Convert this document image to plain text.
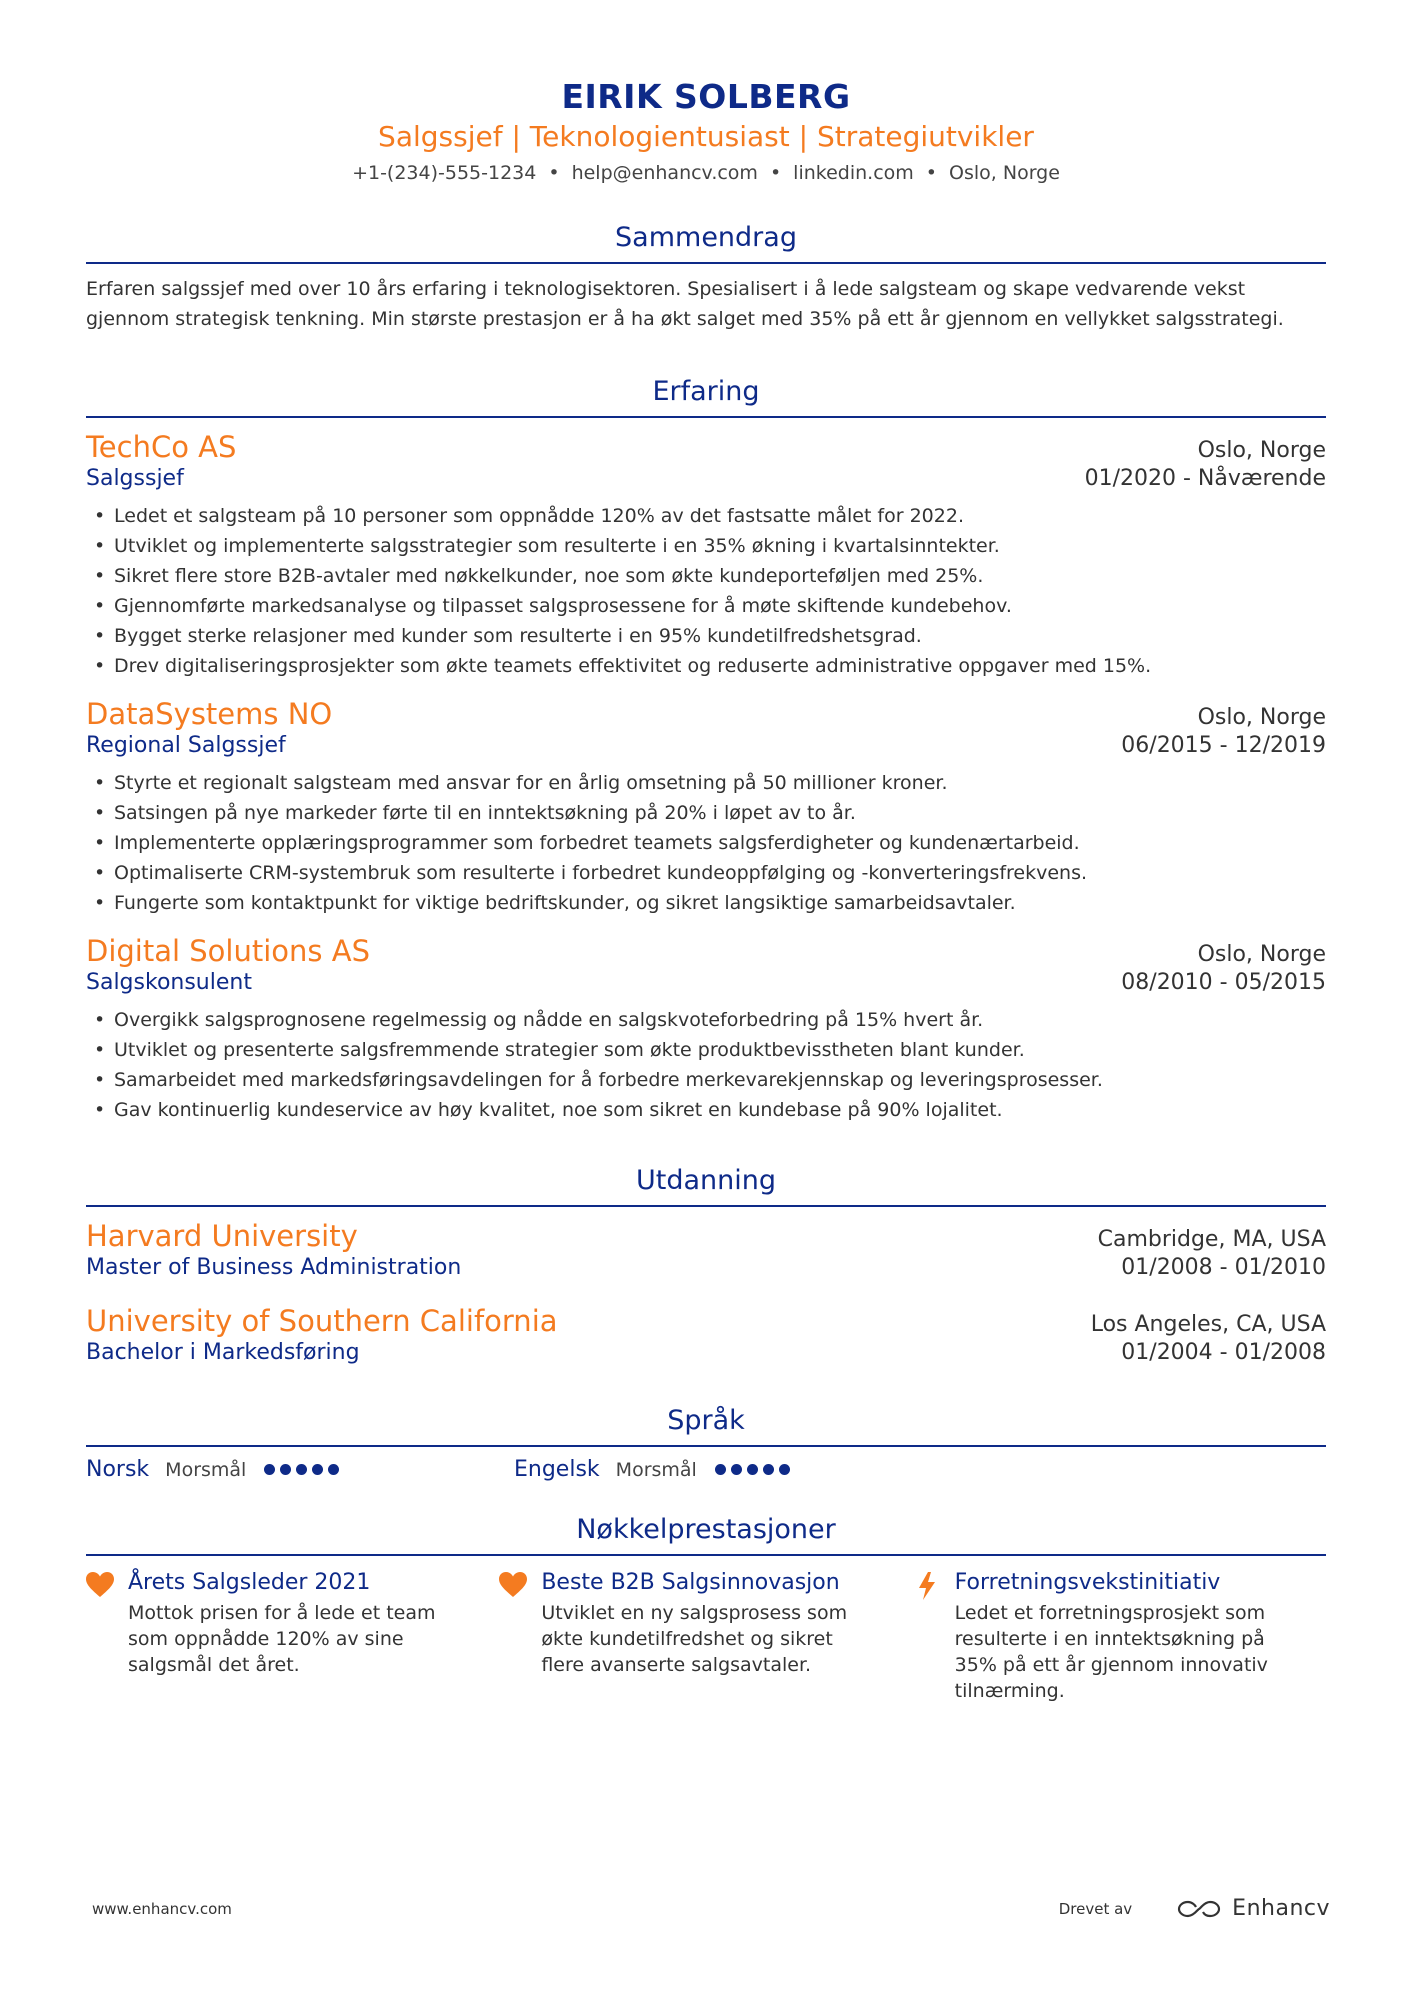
EIRIK SOLBERG
Salgssjef | Teknologientusiast | Strategiutvikler
+1-(234)-555-1234 • help@enhancv.com • linkedin.com • Oslo, Norge
Sammendrag
Erfaren salgssjef med over 10 års erfaring i teknologisektoren. Spesialisert i å lede salgsteam og skape vedvarende vekst gjennom strategisk tenkning. Min største prestasjon er å ha økt salget med 35% på ett år gjennom en vellykket salgsstrategi.
Erfaring
TechCo AS	Oslo, Norge
Salgssjef	01/2020 - Nåværende
• Ledet et salgsteam på 10 personer som oppnådde 120% av det fastsatte målet for 2022.
• Utviklet og implementerte salgsstrategier som resulterte i en 35% økning i kvartalsinntekter.
• Sikret flere store B2B-avtaler med nøkkelkunder, noe som økte kundeporteføljen med 25%.
• Gjennomførte markedsanalyse og tilpasset salgsprosessene for å møte skiftende kundebehov.
• Bygget sterke relasjoner med kunder som resulterte i en 95% kundetilfredshetsgrad.
• Drev digitaliseringsprosjekter som økte teamets effektivitet og reduserte administrative oppgaver med 15%.
DataSystems NO	Oslo, Norge
Regional Salgssjef	06/2015 - 12/2019
• Styrte et regionalt salgsteam med ansvar for en årlig omsetning på 50 millioner kroner.
• Satsingen på nye markeder førte til en inntektsøkning på 20% i løpet av to år.
• Implementerte opplæringsprogrammer som forbedret teamets salgsferdigheter og kundenærtarbeid.
• Optimaliserte CRM-systembruk som resulterte i forbedret kundeoppfølging og -konverteringsfrekvens.
• Fungerte som kontaktpunkt for viktige bedriftskunder, og sikret langsiktige samarbeidsavtaler.
Digital Solutions AS	Oslo, Norge
Salgskonsulent	08/2010 - 05/2015
• Overgikk salgsprognosene regelmessig og nådde en salgskvoteforbedring på 15% hvert år.
• Utviklet og presenterte salgsfremmende strategier som økte produktbevisstheten blant kunder.
• Samarbeidet med markedsføringsavdelingen for å forbedre merkevarekjennskap og leveringsprosesser.
• Gav kontinuerlig kundeservice av høy kvalitet, noe som sikret en kundebase på 90% lojalitet.
Utdanning
Harvard University	Cambridge, MA, USA
Master of Business Administration	01/2008 - 01/2010
University of Southern California	Los Angeles, CA, USA
Bachelor i Markedsføring	01/2004 - 01/2008
Språk
Norsk Morsmål	Engelsk Morsmål
Nøkkelprestasjoner
Årets Salgsleder 2021
Mottok prisen for å lede et team som oppnådde 120% av sine salgsmål det året.
Beste B2B Salgsinnovasjon
Utviklet en ny salgsprosess som økte kundetilfredshet og sikret flere avanserte salgsavtaler.
Forretningsvekstinitiativ
Ledet et forretningsprosjekt som resulterte i en inntektsøkning på 35% på ett år gjennom innovativ tilnærming.
www.enhancv.com	Drevet av	Enhancv
